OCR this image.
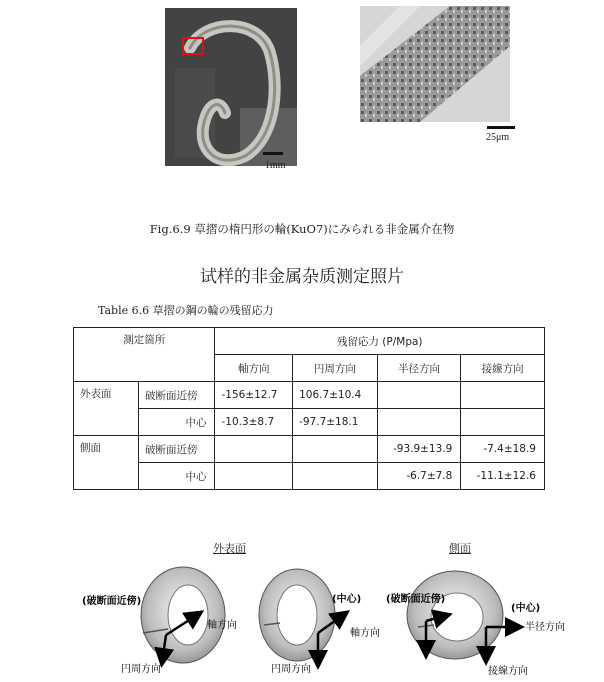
1mm
25μm
Fig.6.9 草摺の楕円形の輪(KuO7)にみられる非金属介在物
试样的非金属杂质测定照片
Table 6.6 草摺の鋼の輪の残留応力
測定箇所		残留応力 (P/Mpa)			
		軸方向	円周方向	半径方向	接線方向
外表面	破断面近傍	-156±12.7	106.7±10.4		
	中心	-10.3±8.7	-97.7±18.1		
側面	破断面近傍			-93.9±13.9	-7.4±18.9
	中心			-6.7±7.8	-11.1±12.6
外表面	側面
(破断面近傍)
軸方向
円周方向
(中心)
軸方向
円周方向
(破断面近傍)
(中心)
半径方向
接線方向
